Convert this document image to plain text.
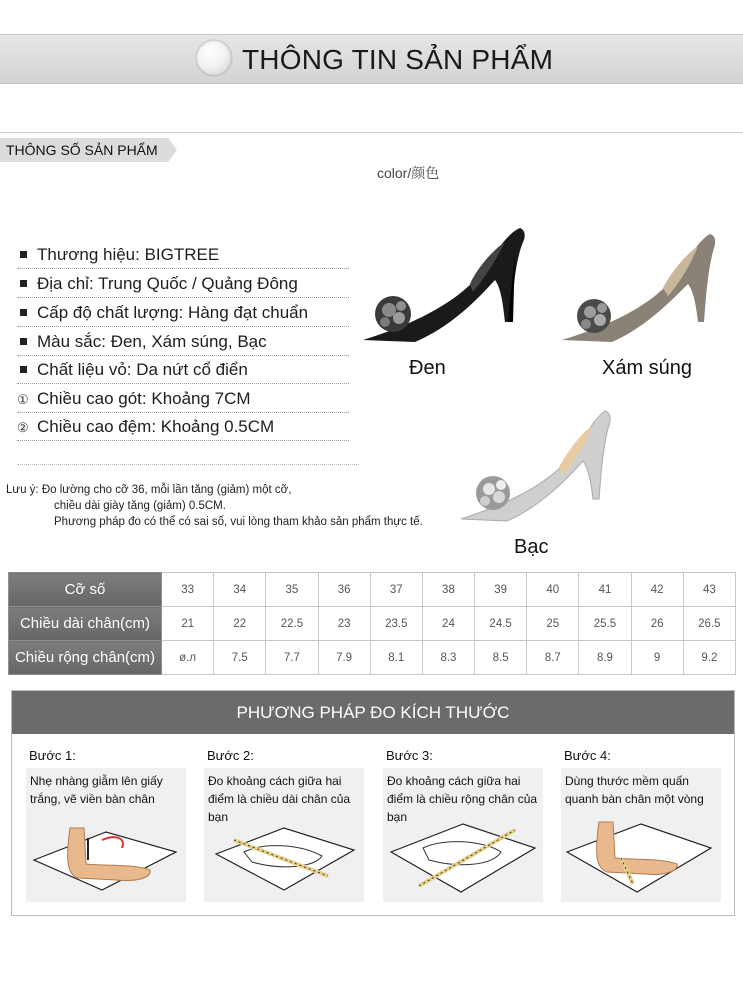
THÔNG TIN SẢN PHẨM
THÔNG SỐ SẢN PHẨM
color/颜色
Thương hiệu: BIGTREE
Địa chỉ: Trung Quốc / Quảng Đông
Cấp độ chất lượng: Hàng đạt chuẩn
Màu sắc: Đen, Xám súng, Bạc
Chất liệu vỏ: Da nứt cổ điển
① Chiều cao gót: Khoảng 7CM
② Chiều cao đệm: Khoảng 0.5CM
Đen	Xám súng
Bạc
Lưu ý: Đo lường cho cỡ 36, mỗi lần tăng (giảm) một cỡ,
chiều dài giày tăng (giảm) 0.5CM.
Phương pháp đo có thể có sai số, vui lòng tham khảo sản phẩm thực tế.
Cỡ số	33	34	35	36	37	38	39	40	41	42	43
Chiều dài chân(cm)	21	22	22.5	23	23.5	24	24.5	25	25.5	26	26.5
Chiều rộng chân(cm)	ø.л	7.5	7.7	7.9	8.1	8.3	8.5	8.7	8.9	9	9.2
PHƯƠNG PHÁP ĐO KÍCH THƯỚC
Bước 1:
Nhẹ nhàng giẫm lên giấy trắng, vẽ viền bàn chân
Bước 2:
Đo khoảng cách giữa hai điểm là chiều dài chân của bạn
Bước 3:
Đo khoảng cách giữa hai điểm là chiều rộng chân của bạn
Bước 4:
Dùng thước mềm quấn quanh bàn chân một vòng
